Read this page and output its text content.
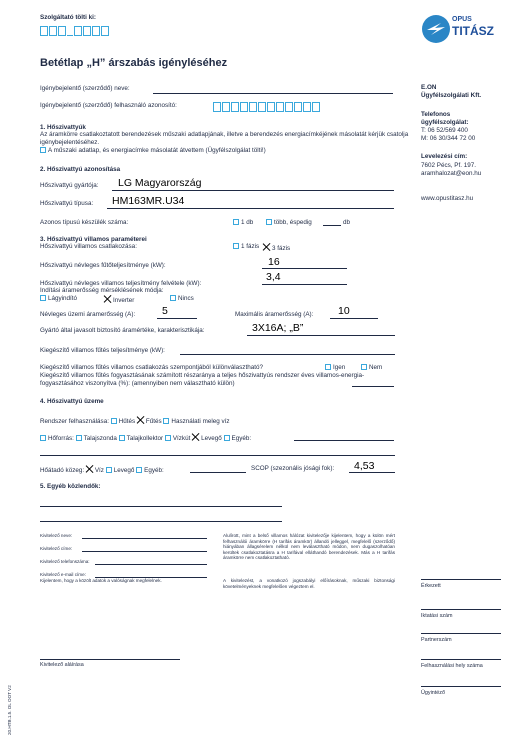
Szolgáltató tölti ki:	OPUS
TITÁSZ
Betétlap „H” árszabás igényléséhez
E.ON
Ügyfélszolgálati Kft.
Telefonos
ügyfélszolgálat:
T: 06 52/569 400
M: 06 30/344 72 00
Levelezési cím:
7602 Pécs, Pf. 197.
aramhalozat@eon.hu
www.opustitasz.hu
Igénybejelentő (szerződő) neve:
Igénybejelentő (szerződő) felhasználó azonosító:
1. Hőszivattyúk
Az áramkörre csatlakoztatott berendezések műszaki adatlapjának, illetve a berendezés energiacímkéjének másolatát kérjük csatolja igénybejelentéséhez.
A műszaki adatlap, és energiacímke másolatát átvettem (Ügyfélszolgálat tölti!)
2. Hőszivattyú azonosítása
Hőszivattyú gyártója: LG Magyarország
Hőszivattyú típusa: HM163MR.U34
Azonos típusú készülék száma:	1 db	több, éspedig	db
3. Hőszivattyú villamos paraméterei
Hőszivattyú villamos csatlakozása:	1 fázis	3 fázis
Hőszivattyú névleges fűtőteljesítménye (kW):	16
Hőszivattyú névleges villamos teljesítmény felvétele (kW):
3,4
Indítási áramerősség mérséklésének módja:
Lágyindító	Inverter	Nincs
Névleges üzemi áramerősség (A):	5	Maximális áramerősség (A): 10
Gyártó által javasolt biztosító áramértéke, karakterisztikája:	3X16A; „B”
Kiegészítő villamos fűtés teljesítménye (kW):
Kiegészítő villamos fűtés villamos csatlakozás szempontjából különválasztható?	Igen	Nem
Kiegészítő villamos fűtés fogyasztásának számított részaránya a teljes hőszivattyús rendszer éves villamos-energia-fogyasztásához viszonyítva (%): (amennyiben nem választható külön)
4. Hőszivattyú üzeme
Rendszer felhasználása: Hűtés Fűtés Használati meleg víz
Hőforrás: Talajszonda Talajkollektor Vízkút Levegő Egyéb:
Hőátadó közeg: Víz Levegő Egyéb:	SCOP (szezonális jósági fok): 4,53
5. Egyéb közlendők:
Kivitelező neve:
Kivitelező címe:
Kivitelező telefonszáma:
Kivitelező e-mail címe:
Kijelentem, hogy a közölt adatok a valóságnak megfelelnek.
Kivitelező aláírása
Alulírott, mint a belső villamos hálózat kivitelezője kijelentem, hogy a külön mért felhasználói áramkörre (H tarifás áramkör) állandó jelleggel, megfelelő (szerződő) hiányában állagsérelem nélkül nem leválasztható módon, nem dugaszolhatóan kerültek csatlakoztatásra a H tarifával elláthandó berendezések. Más a H tarifás áramkörre nem csatlakoztatható.
A kivitelezést, a vonatkozó jogszabályi előírásoknak, műszaki biztonsági követelményeknek megfelelően végeztem el.	Érkezett
Iktatási szám
Partnerszám
Felhasználási hely száma
Ügyintéző
20.HTB.1.5. OL OOT V2
